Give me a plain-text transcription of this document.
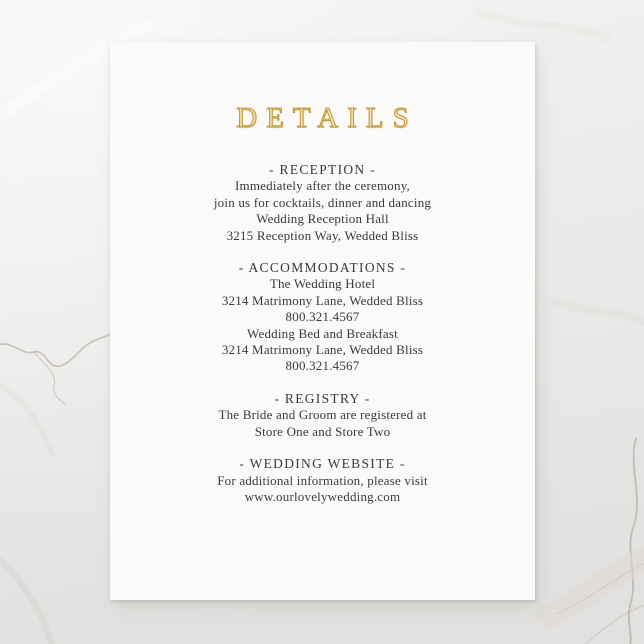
DETAILS

- RECEPTION -

Immediately after the ceremony,

join us for cocktails, dinner and dancing

Wedding Reception Hall

3215 Reception Way, Wedded Bliss

- ACCOMMODATIONS -

The Wedding Hotel

3214 Matrimony Lane, Wedded Bliss

800.321.4567

Wedding Bed and Breakfast

3214 Matrimony Lane, Wedded Bliss

800.321.4567

- REGISTRY -

The Bride and Groom are registered at

Store One and Store Two

- WEDDING WEBSITE -

For additional information, please visit

www.ourlovelywedding.com
